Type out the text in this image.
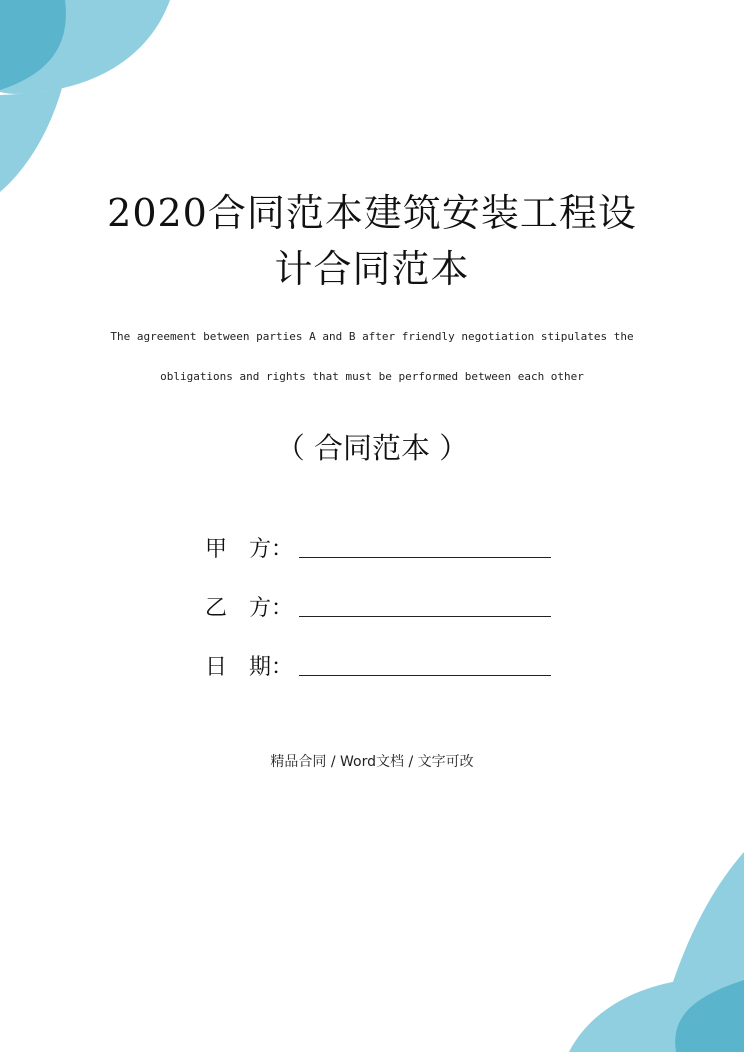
2020合同范本建筑安装工程设
计合同范本
The agreement between parties A and B after friendly negotiation stipulates the
obligations and rights that must be performed between each other
（ 合同范本 ）
甲　方：
乙　方：
日　期：
精品合同 / Word文档 / 文字可改
